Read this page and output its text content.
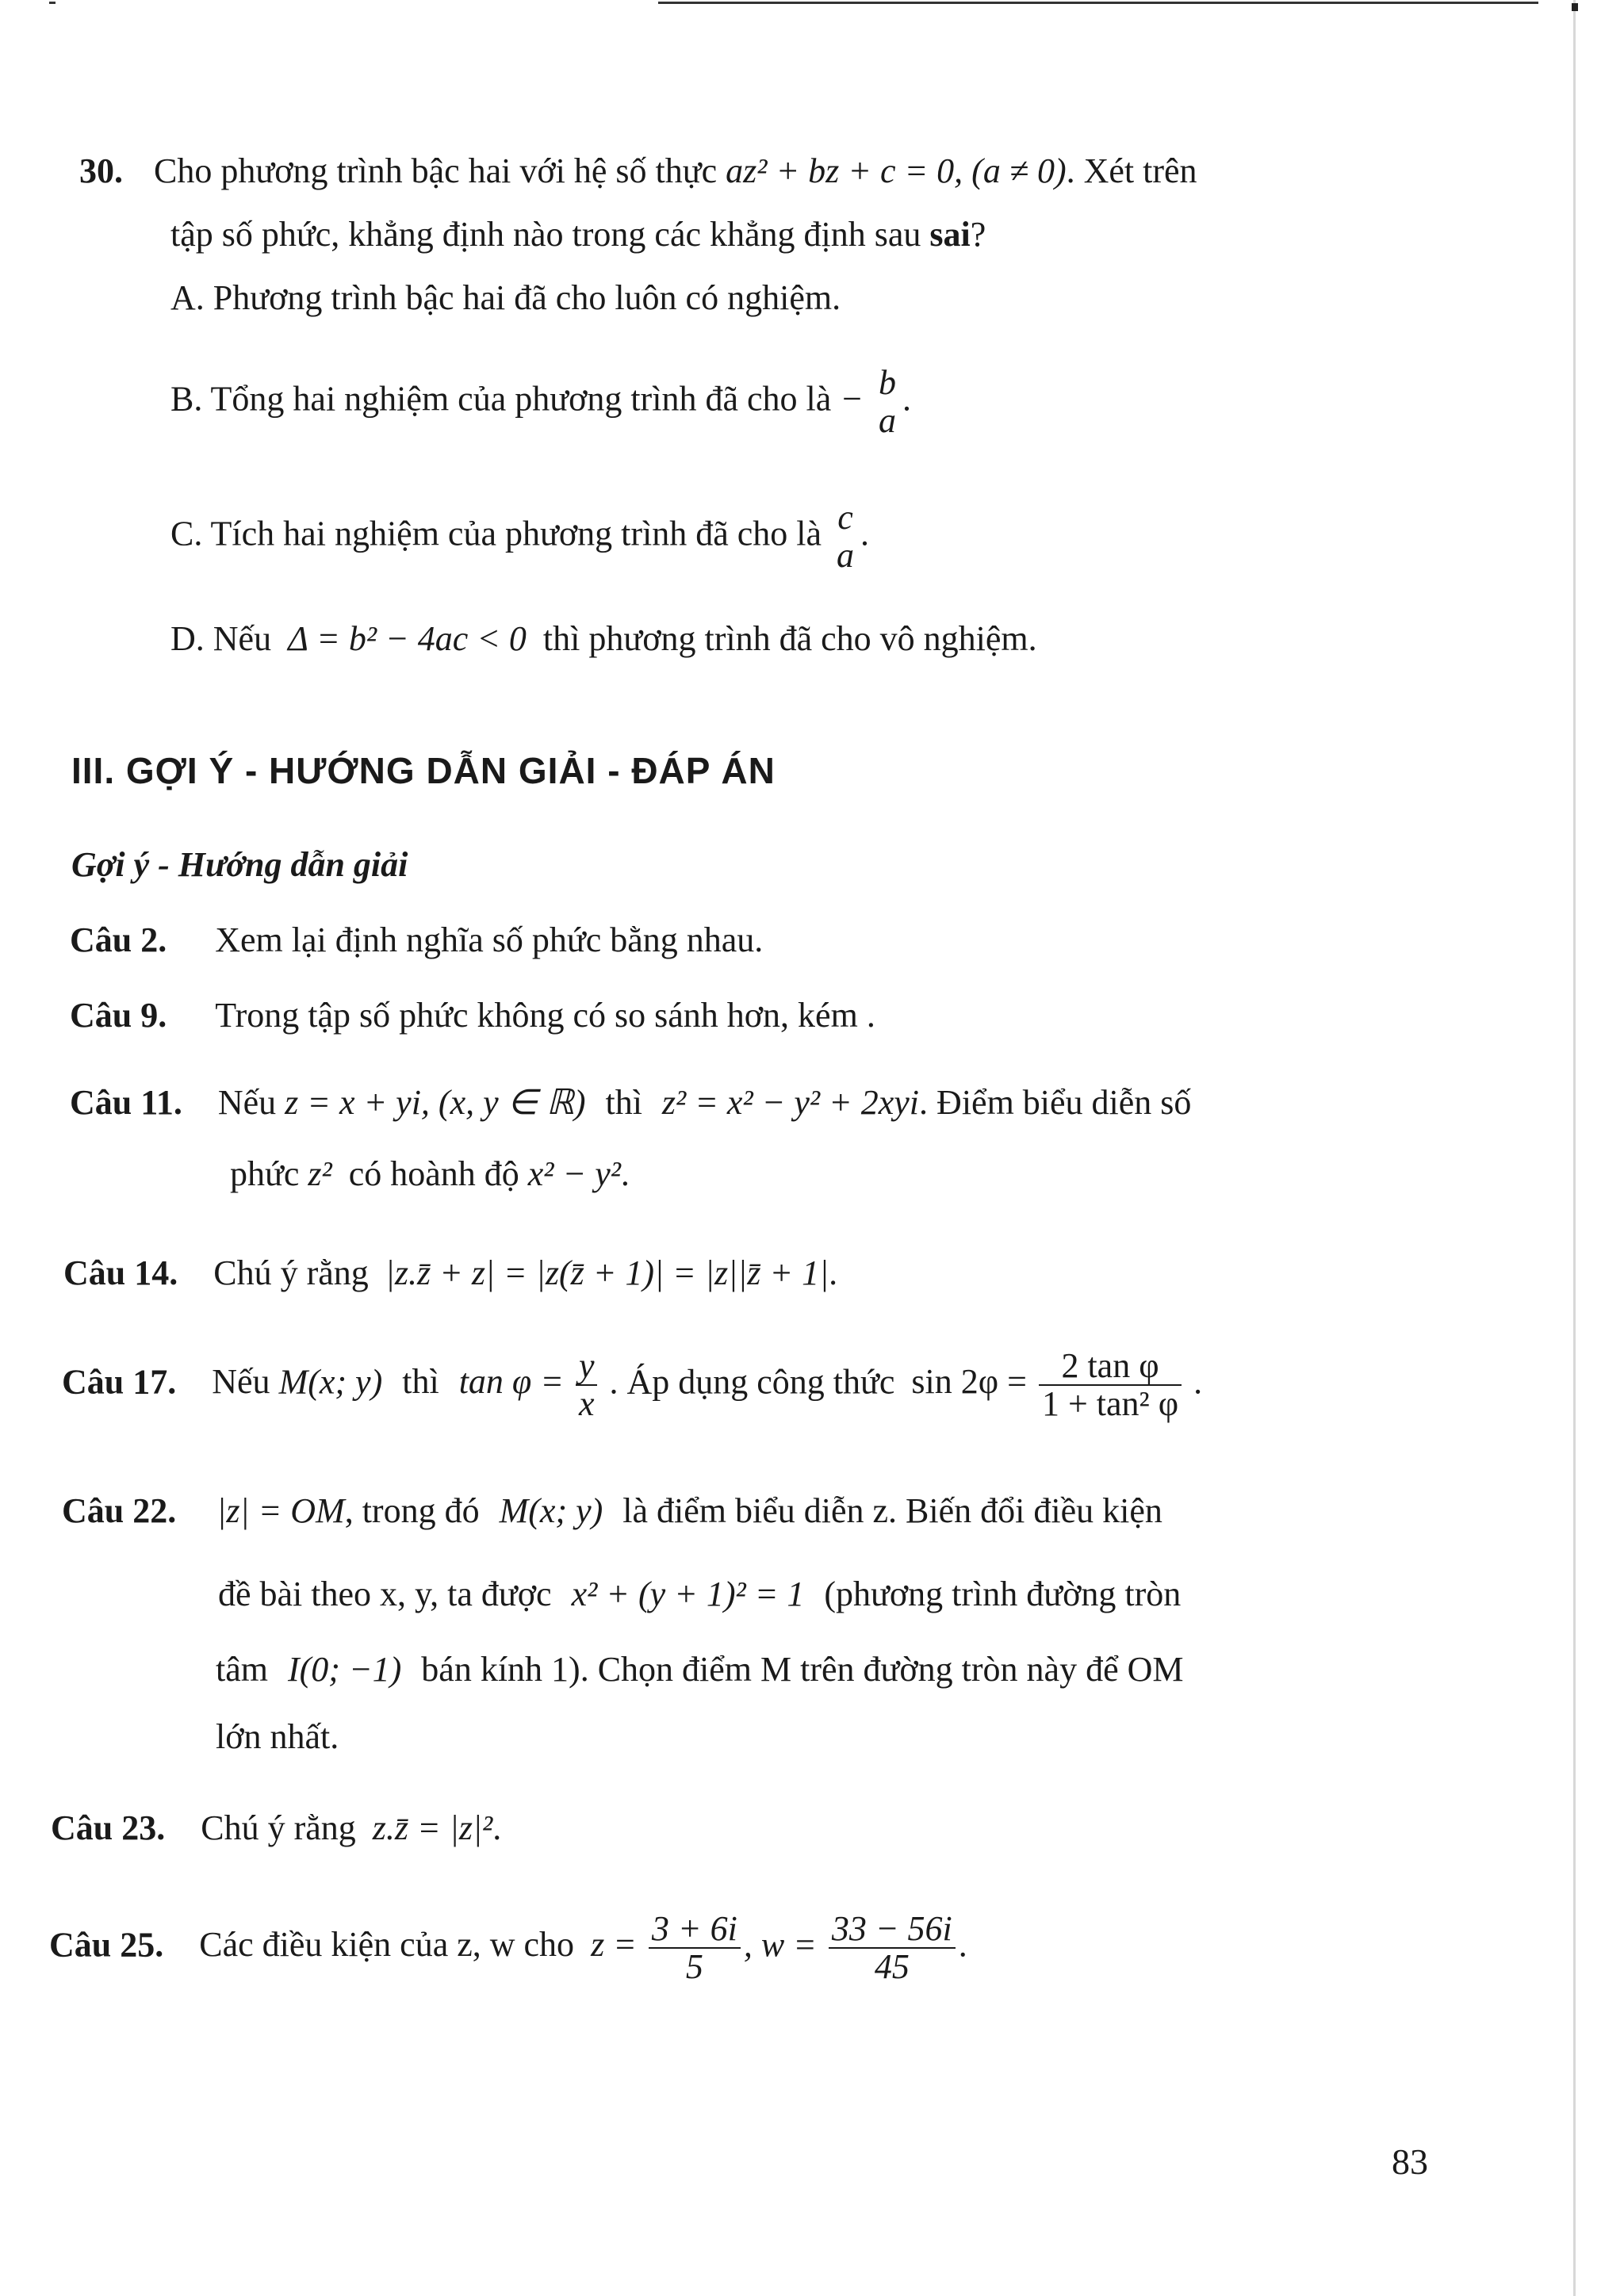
30. Cho phương trình bậc hai với hệ số thực az² + bz + c = 0, (a ≠ 0). Xét trên
tập số phức, khẳng định nào trong các khẳng định sau sai?
A. Phương trình bậc hai đã cho luôn có nghiệm.
B. Tổng hai nghiệm của phương trình đã cho là − b
a
.
C. Tích hai nghiệm của phương trình đã cho là c
a
.
D. Nếu Δ = b² − 4ac < 0 thì phương trình đã cho vô nghiệm.
III. GỢI Ý - HƯỚNG DẪN GIẢI - ĐÁP ÁN
Gợi ý - Hướng dẫn giải
Câu 2. Xem lại định nghĩa số phức bằng nhau.
Câu 9. Trong tập số phức không có so sánh hơn, kém .
Câu 11. Nếu z = x + yi, (x, y ∈ ℝ) thì z² = x² − y² + 2xyi. Điểm biểu diễn số
phức z² có hoành độ x² − y².
Câu 14. Chú ý rằng |z.z̄ + z| = |z(z̄ + 1)| = |z||z̄ + 1|.
Câu 17. Nếu M(x; y) thì $\tan \varphi = \frac{y}{x}$ . Áp dụng công thức $\sin 2\varphi = \frac{\text{2 tan φ}}{\text{1 + tan² φ}}$ .
Câu 22. |z| = OM, trong đó M(x; y) là điểm biểu diễn z. Biến đổi điều kiện
đề bài theo x, y, ta được x² + (y + 1)² = 1 (phương trình đường tròn
tâm I(0; −1) bán kính 1). Chọn điểm M trên đường tròn này để OM
lớn nhất.
Câu 23. Chú ý rằng z.z̄ = |z|².
Câu 25. Các điều kiện của z, w cho $z = \frac{3 + 6i}{5}$ , $w = \frac{33 - 56i}{45}$ .
83
